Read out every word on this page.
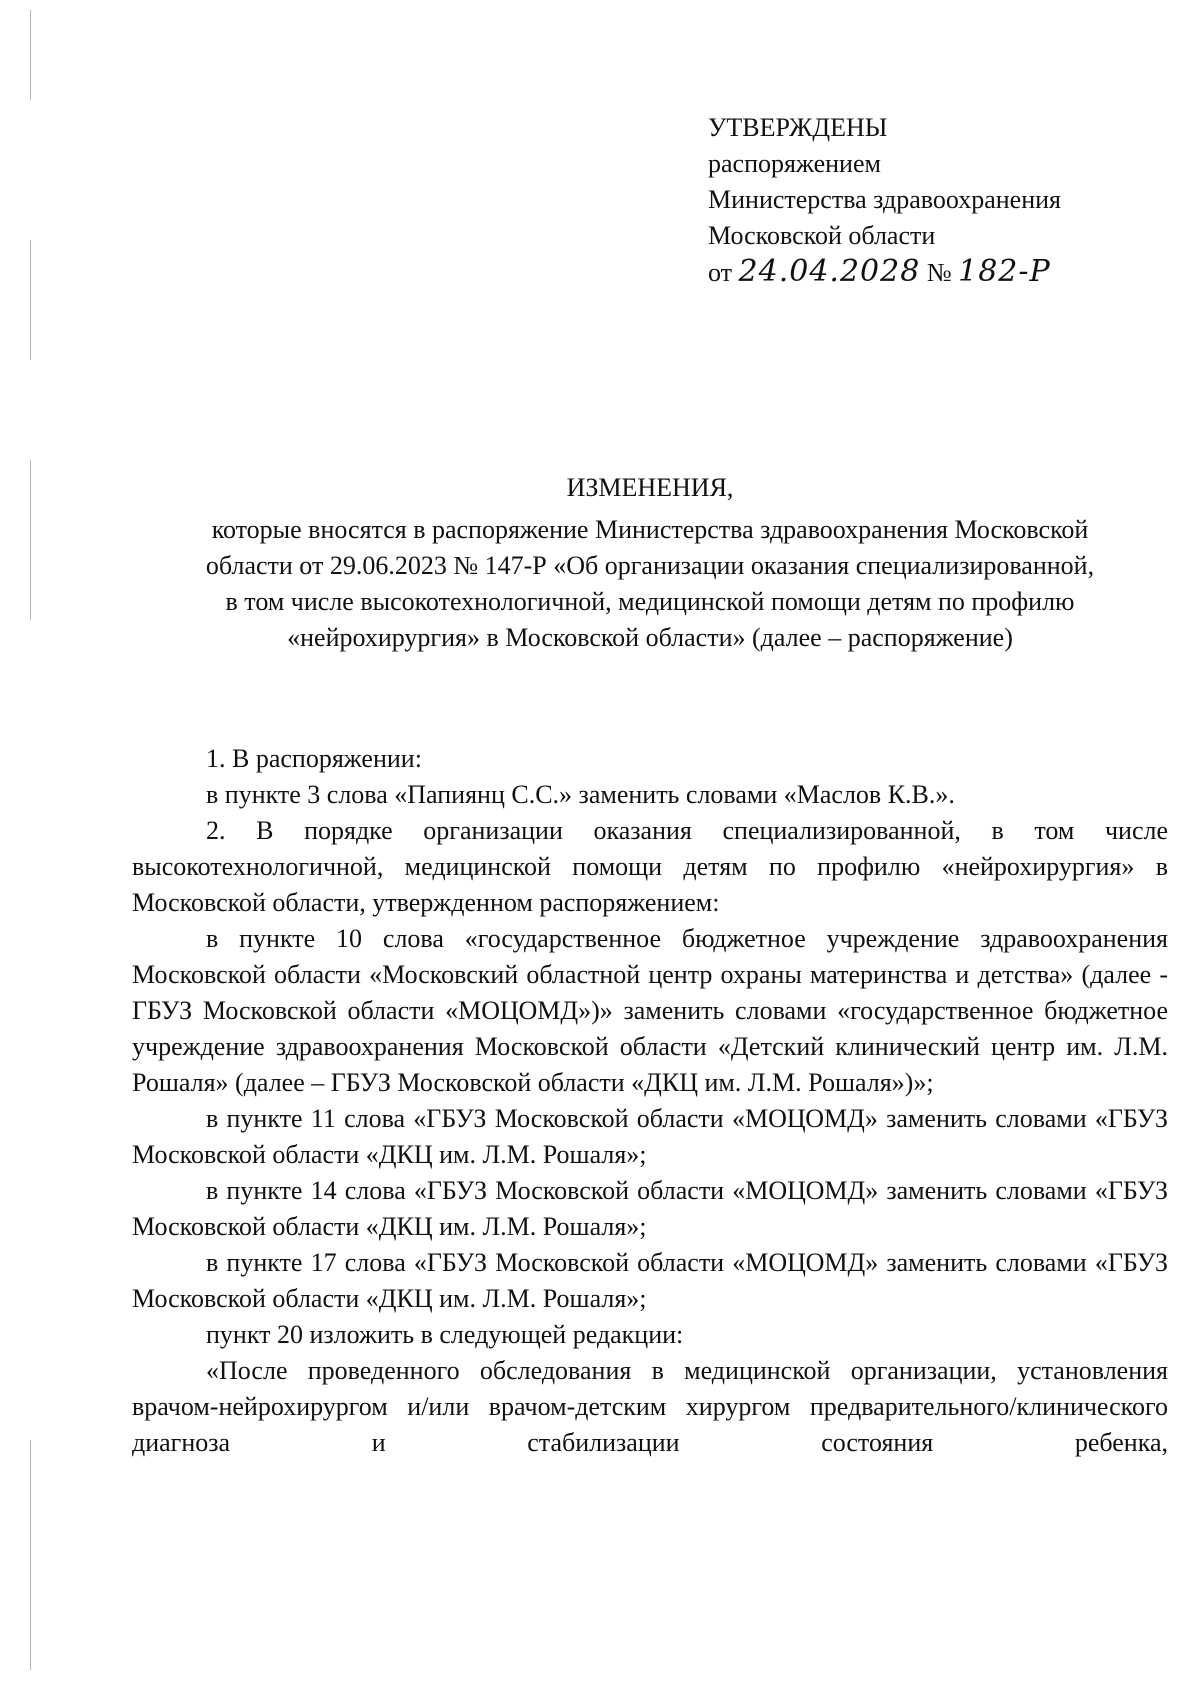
УТВЕРЖДЕНЫ
распоряжением
Министерства здравоохранения
Московской области
от 24.04.2028 № 182-Р
ИЗМЕНЕНИЯ,
которые вносятся в распоряжение Министерства здравоохранения Московской
области от 29.06.2023 № 147-Р «Об организации оказания специализированной,
в том числе высокотехнологичной, медицинской помощи детям по профилю
«нейрохирургия» в Московской области» (далее – распоряжение)
1. В распоряжении:
в пункте 3 слова «Папиянц С.С.» заменить словами «Маслов К.В.».
2. В порядке организации оказания специализированной, в том числе высокотехнологичной, медицинской помощи детям по профилю «нейрохирургия» в Московской области, утвержденном распоряжением:
в пункте 10 слова «государственное бюджетное учреждение здравоохранения Московской области «Московский областной центр охраны материнства и детства» (далее - ГБУЗ Московской области «МОЦОМД»)» заменить словами «государственное бюджетное учреждение здравоохранения Московской области «Детский клинический центр им. Л.М. Рошаля» (далее – ГБУЗ Московской области «ДКЦ им. Л.М. Рошаля»)»;
в пункте 11 слова «ГБУЗ Московской области «МОЦОМД» заменить словами «ГБУЗ Московской области «ДКЦ им. Л.М. Рошаля»;
в пункте 14 слова «ГБУЗ Московской области «МОЦОМД» заменить словами «ГБУЗ Московской области «ДКЦ им. Л.М. Рошаля»;
в пункте 17 слова «ГБУЗ Московской области «МОЦОМД» заменить словами «ГБУЗ Московской области «ДКЦ им. Л.М. Рошаля»;
пункт 20 изложить в следующей редакции:
«После проведенного обследования в медицинской организации, установления врачом-нейрохирургом и/или врачом-детским хирургом предварительного/клинического диагноза и стабилизации состояния ребенка,
